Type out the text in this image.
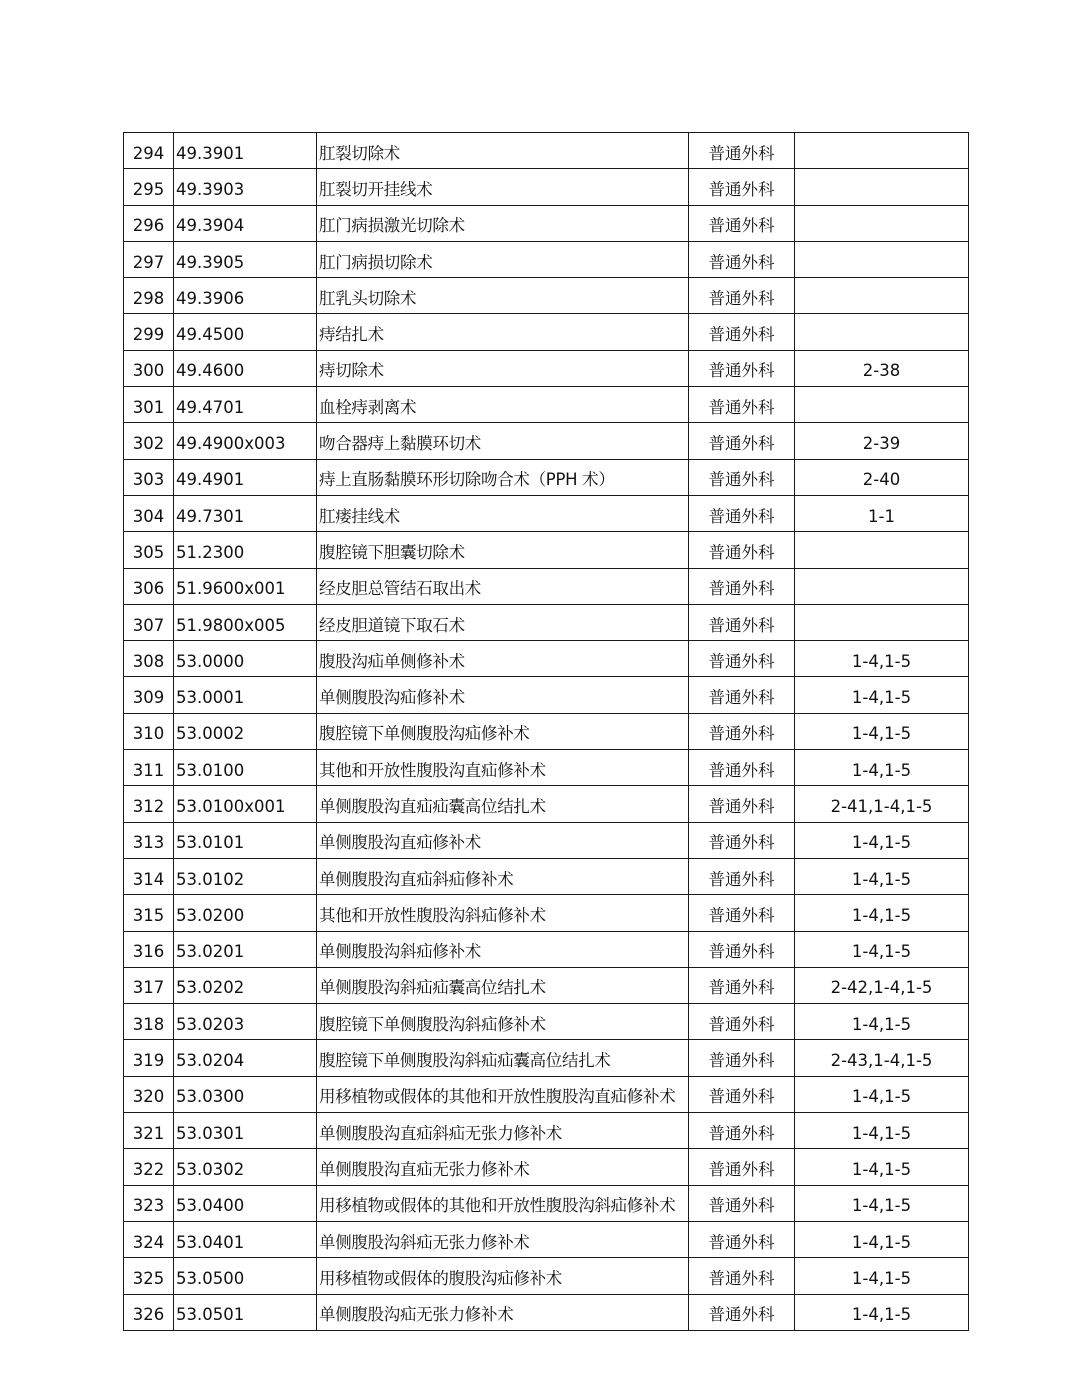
294	49.3901	肛裂切除术	普通外科	
295	49.3903	肛裂切开挂线术	普通外科	
296	49.3904	肛门病损激光切除术	普通外科	
297	49.3905	肛门病损切除术	普通外科	
298	49.3906	肛乳头切除术	普通外科	
299	49.4500	痔结扎术	普通外科	
300	49.4600	痔切除术	普通外科	2-38
301	49.4701	血栓痔剥离术	普通外科	
302	49.4900x003	吻合器痔上黏膜环切术	普通外科	2-39
303	49.4901	痔上直肠黏膜环形切除吻合术（PPH 术）	普通外科	2-40
304	49.7301	肛瘘挂线术	普通外科	1-1
305	51.2300	腹腔镜下胆囊切除术	普通外科	
306	51.9600x001	经皮胆总管结石取出术	普通外科	
307	51.9800x005	经皮胆道镜下取石术	普通外科	
308	53.0000	腹股沟疝单侧修补术	普通外科	1-4,1-5
309	53.0001	单侧腹股沟疝修补术	普通外科	1-4,1-5
310	53.0002	腹腔镜下单侧腹股沟疝修补术	普通外科	1-4,1-5
311	53.0100	其他和开放性腹股沟直疝修补术	普通外科	1-4,1-5
312	53.0100x001	单侧腹股沟直疝疝囊高位结扎术	普通外科	2-41,1-4,1-5
313	53.0101	单侧腹股沟直疝修补术	普通外科	1-4,1-5
314	53.0102	单侧腹股沟直疝斜疝修补术	普通外科	1-4,1-5
315	53.0200	其他和开放性腹股沟斜疝修补术	普通外科	1-4,1-5
316	53.0201	单侧腹股沟斜疝修补术	普通外科	1-4,1-5
317	53.0202	单侧腹股沟斜疝疝囊高位结扎术	普通外科	2-42,1-4,1-5
318	53.0203	腹腔镜下单侧腹股沟斜疝修补术	普通外科	1-4,1-5
319	53.0204	腹腔镜下单侧腹股沟斜疝疝囊高位结扎术	普通外科	2-43,1-4,1-5
320	53.0300	用移植物或假体的其他和开放性腹股沟直疝修补术	普通外科	1-4,1-5
321	53.0301	单侧腹股沟直疝斜疝无张力修补术	普通外科	1-4,1-5
322	53.0302	单侧腹股沟直疝无张力修补术	普通外科	1-4,1-5
323	53.0400	用移植物或假体的其他和开放性腹股沟斜疝修补术	普通外科	1-4,1-5
324	53.0401	单侧腹股沟斜疝无张力修补术	普通外科	1-4,1-5
325	53.0500	用移植物或假体的腹股沟疝修补术	普通外科	1-4,1-5
326	53.0501	单侧腹股沟疝无张力修补术	普通外科	1-4,1-5
